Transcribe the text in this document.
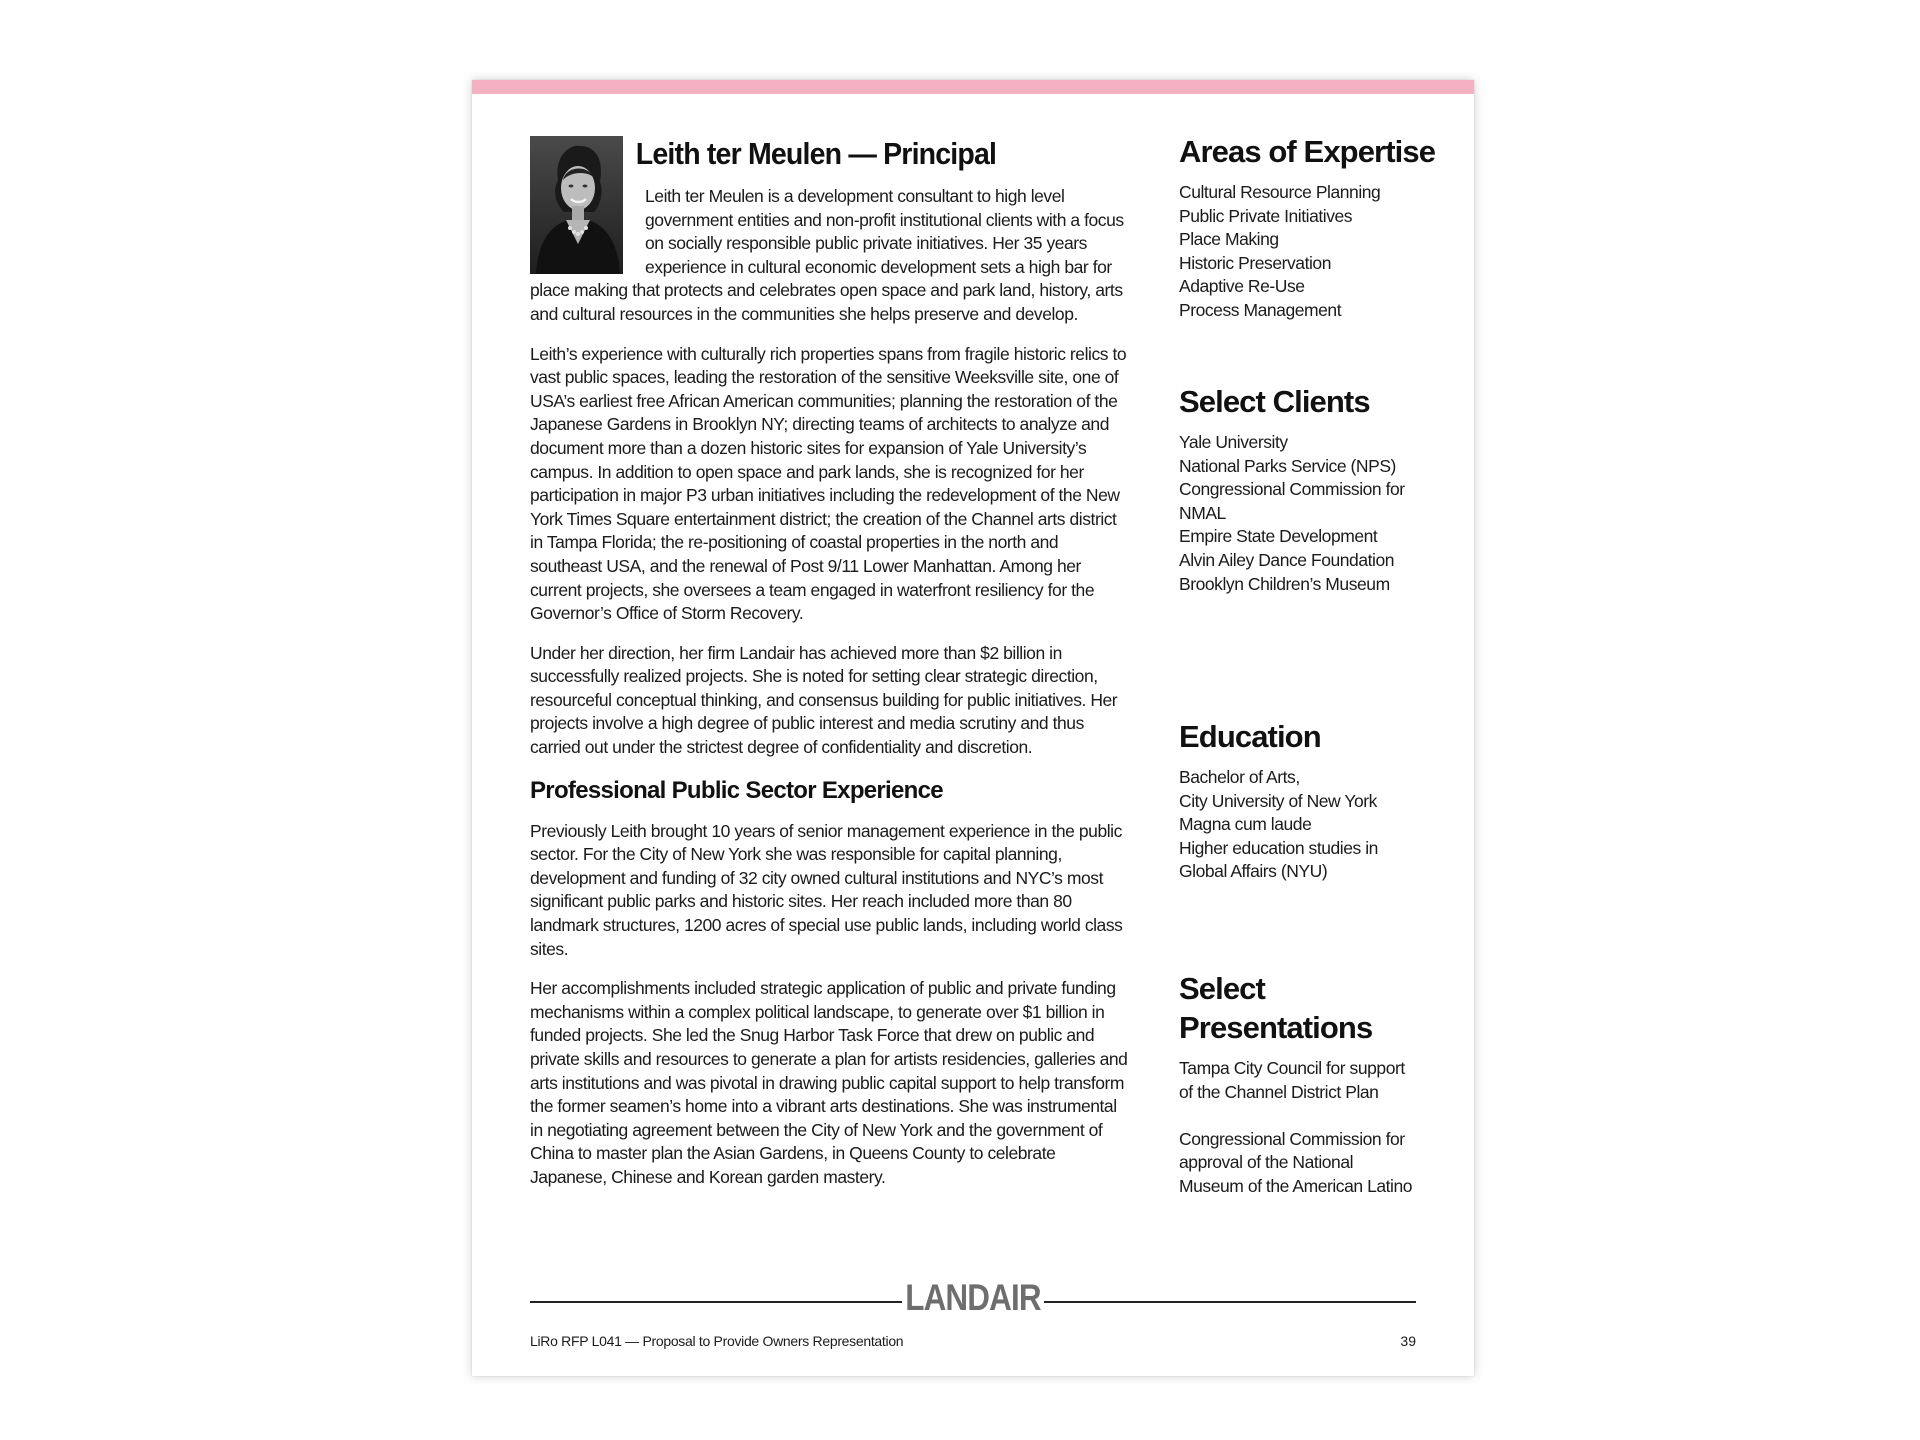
Leith ter Meulen — Principal

Leith ter Meulen is a development consultant to high level government entities and non-profit institutional clients with a focus on socially responsible public private initiatives. Her 35 years experience in cultural economic development sets a high bar for place making that protects and celebrates open space and park land, history, arts and cultural resources in the communities she helps preserve and develop.

Leith’s experience with culturally rich properties spans from fragile historic relics to vast public spaces, leading the restoration of the sensitive Weeksville site, one of USA’s earliest free African American communities; planning the restoration of the Japanese Gardens in Brooklyn NY; directing teams of architects to analyze and document more than a dozen historic sites for expansion of Yale University’s campus. In addition to open space and park lands, she is recognized for her participation in major P3 urban initiatives including the redevelopment of the New York Times Square entertainment district; the creation of the Channel arts district in Tampa Florida; the re-positioning of coastal properties in the north and southeast USA, and the renewal of Post 9/11 Lower Manhattan. Among her current projects, she oversees a team engaged in waterfront resiliency for the Governor’s Office of Storm Recovery.

Under her direction, her firm Landair has achieved more than $2 billion in successfully realized projects. She is noted for setting clear strategic direction, resourceful conceptual thinking, and consensus building for public initiatives. Her projects involve a high degree of public interest and media scrutiny and thus carried out under the strictest degree of confidentiality and discretion.

Professional Public Sector Experience

Previously Leith brought 10 years of senior management experience in the public sector. For the City of New York she was responsible for capital planning, development and funding of 32 city owned cultural institutions and NYC’s most significant public parks and historic sites. Her reach included more than 80 landmark structures, 1200 acres of special use public lands, including world class sites.

Her accomplishments included strategic application of public and private funding mechanisms within a complex political landscape, to generate over $1 billion in funded projects. She led the Snug Harbor Task Force that drew on public and private skills and resources to generate a plan for artists residencies, galleries and arts institutions and was pivotal in drawing public capital support to help transform the former seamen’s home into a vibrant arts destinations. She was instrumental in negotiating agreement between the City of New York and the government of China to master plan the Asian Gardens, in Queens County to celebrate Japanese, Chinese and Korean garden mastery.

Areas of Expertise
Cultural Resource Planning
Public Private Initiatives
Place Making
Historic Preservation
Adaptive Re-Use
Process Management
Select Clients
Yale University
National Parks Service (NPS)
Congressional Commission for NMAL
Empire State Development
Alvin Ailey Dance Foundation
Brooklyn Children’s Museum
Education
Bachelor of Arts,
City University of New York
Magna cum laude
Higher education studies in Global Affairs (NYU)
Select Presentations
Tampa City Council for support of the Channel District Plan
Congressional Commission for approval of the National Museum of the American Latino
LANDAIR
LiRo RFP L041 — Proposal to Provide Owners Representation	39
